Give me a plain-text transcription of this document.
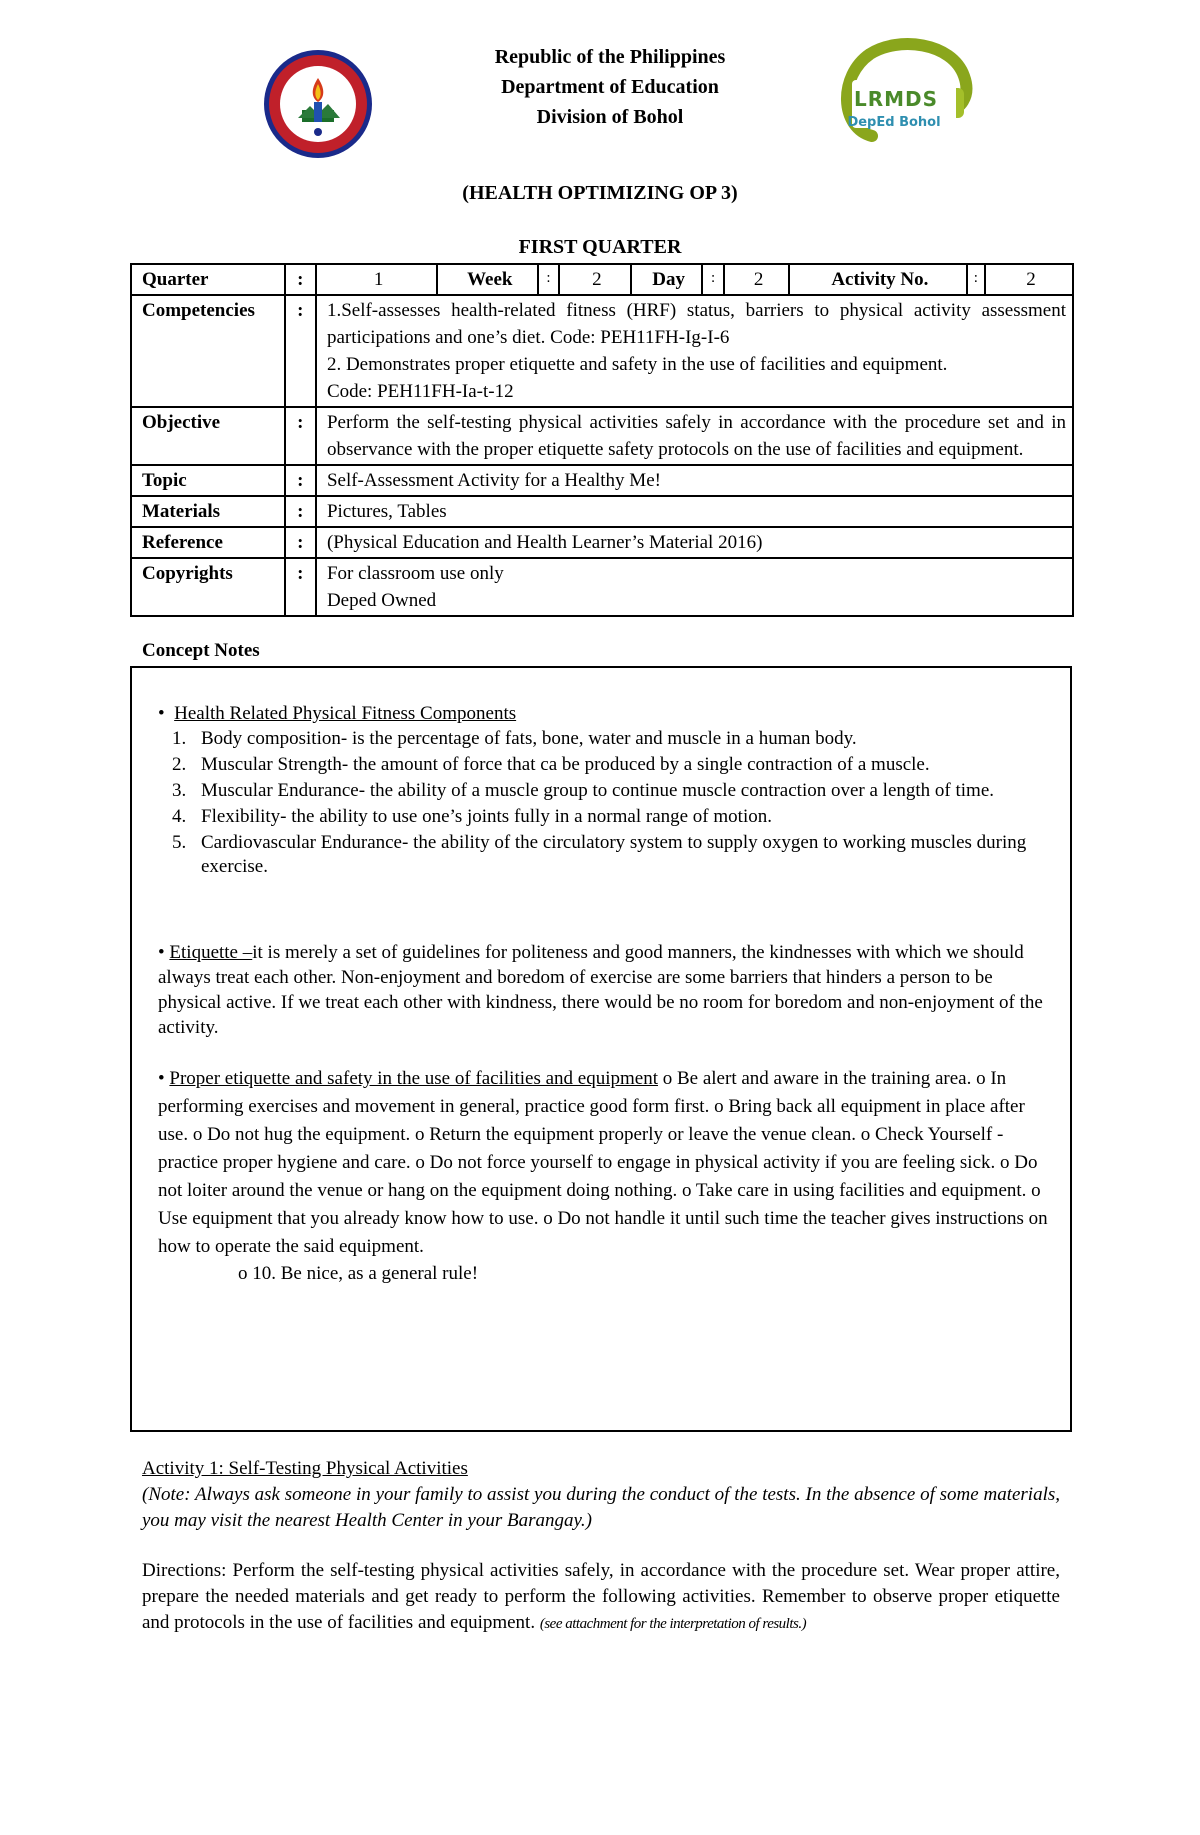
Republic of the Philippines
Department of Education
Division of Bohol
LRMDS
DepEd Bohol
(HEALTH OPTIMIZING OP 3)
FIRST QUARTER
Quarter	:	1	Week	:	2	Day	:	2	Activity No.	:	2
Competencies	:	1.Self-assesses health-related fitness (HRF) status, barriers to physical activity assessment participations and one’s diet. Code: PEH11FH-Ig-I-6
2. Demonstrates proper etiquette and safety in the use of facilities and equipment.
Code: PEH11FH-Ia-t-12									

Objective	:	Perform the self-testing physical activities safely in accordance with the procedure set and in observance with the proper etiquette safety protocols on the use of facilities and equipment.									
Topic	:	Self-Assessment Activity for a Healthy Me!									
Materials	:	Pictures, Tables									
Reference	:	(Physical Education and Health Learner’s Material 2016)									
Copyrights	:	For classroom use only
Deped Owned									
Concept Notes
• Health Related Physical Fitness Components
1. Body composition- is the percentage of fats, bone, water and muscle in a human body.
2. Muscular Strength- the amount of force that ca be produced by a single contraction of a muscle.
3. Muscular Endurance- the ability of a muscle group to continue muscle contraction over a length of time.
4. Flexibility- the ability to use one’s joints fully in a normal range of motion.
5. Cardiovascular Endurance- the ability of the circulatory system to supply oxygen to working muscles during exercise.
• Etiquette –it is merely a set of guidelines for politeness and good manners, the kindnesses with which we should always treat each other. Non-enjoyment and boredom of exercise are some barriers that hinders a person to be physical active. If we treat each other with kindness, there would be no room for boredom and non-enjoyment of the activity.
• Proper etiquette and safety in the use of facilities and equipment o Be alert and aware in the training area. o In performing exercises and movement in general, practice good form first. o Bring back all equipment in place after use. o Do not hug the equipment. o Return the equipment properly or leave the venue clean. o Check Yourself - practice proper hygiene and care. o Do not force yourself to engage in physical activity if you are feeling sick. o Do not loiter around the venue or hang on the equipment doing nothing. o Take care in using facilities and equipment. o Use equipment that you already know how to use. o Do not handle it until such time the teacher gives instructions on how to operate the said equipment.
o 10. Be nice, as a general rule!
Activity 1: Self-Testing Physical Activities
(Note: Always ask someone in your family to assist you during the conduct of the tests. In the absence of some materials, you may visit the nearest Health Center in your Barangay.)
Directions: Perform the self-testing physical activities safely, in accordance with the procedure set. Wear proper attire, prepare the needed materials and get ready to perform the following activities. Remember to observe proper etiquette and protocols in the use of facilities and equipment. (see attachment for the interpretation of results.)
